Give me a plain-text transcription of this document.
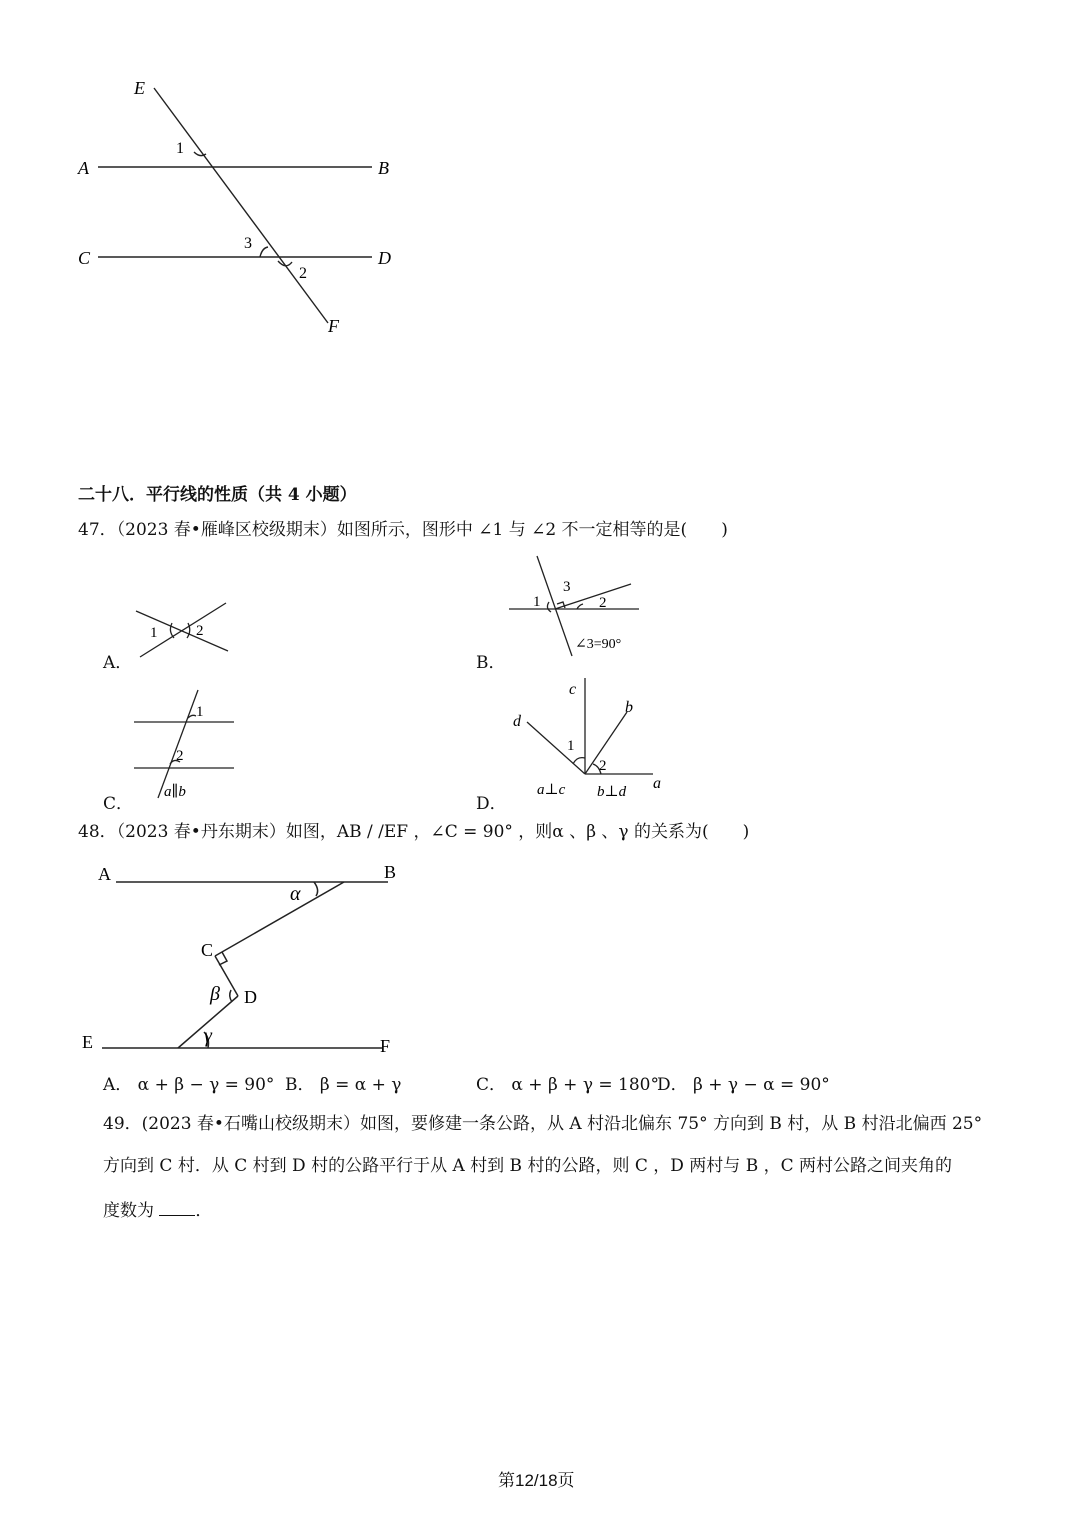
E
A	B
C	D
F
1
3
2
二十八．平行线的性质（共 4 小题）
47．（2023 春•雁峰区校级期末）如图所示，图形中 ∠1 与 ∠2 不一定相等的是(　　)
A．
1	2
B．
1
3
2
∠3=90°
C．
1
2
a∥b
D．
c
d
b
a
1
2
a⊥c b⊥d
48．（2023 春•丹东期末）如图，AB / /EF ，∠C = 90° ，则α 、β 、γ 的关系为(　　)
A	B
C
D
E	F
α
β
γ
A． α + β − γ = 90° B． β = α + γ	C． α + β + γ = 180°
D． β + γ − α = 90°
49．(2023 春•石嘴山校级期末）如图，要修建一条公路，从 A 村沿北偏东 75° 方向到 B 村，从 B 村沿北偏西 25°
方向到 C 村．从 C 村到 D 村的公路平行于从 A 村到 B 村的公路，则 C ，D 两村与 B ，C 两村公路之间夹角的
度数为 ．
第12/18页
